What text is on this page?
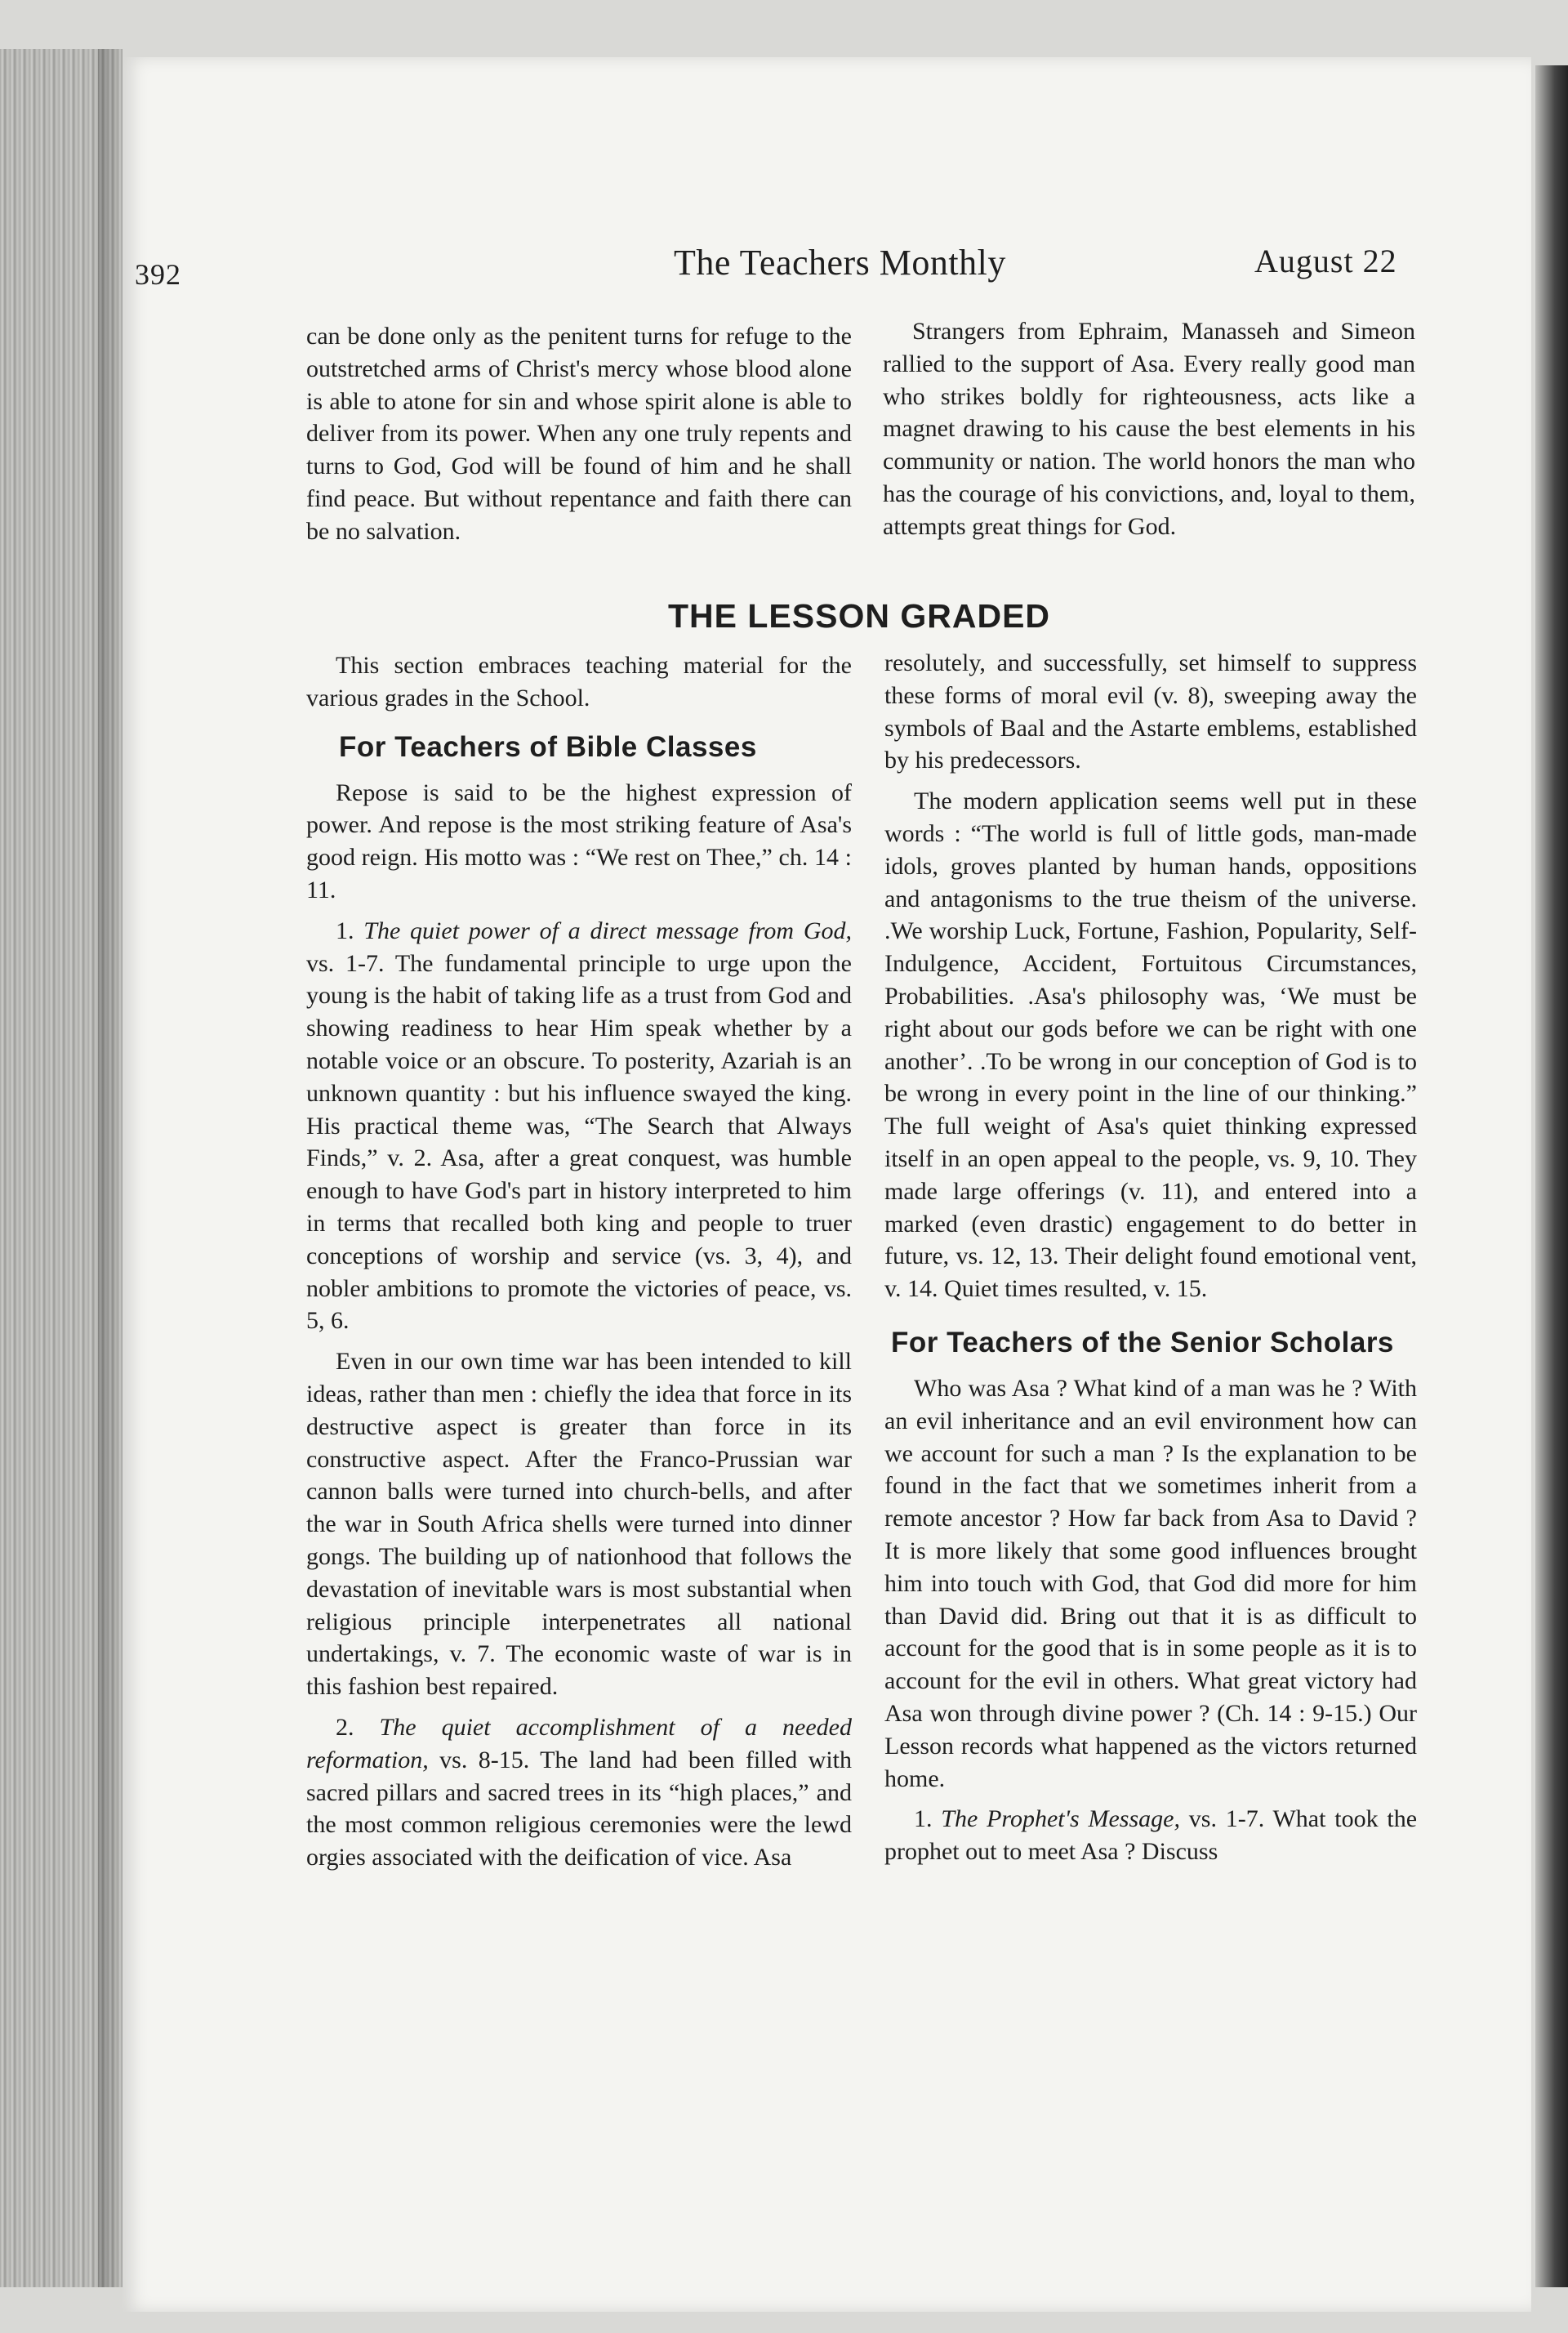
392	The Teachers Monthly	August 22

can be done only as the penitent turns for refuge to the outstretched arms of Christ's mercy whose blood alone is able to atone for sin and whose spirit alone is able to deliver from its power. When any one truly repents and turns to God, God will be found of him and he shall find peace. But without repentance and faith there can be no salvation.

Strangers from Ephraim, Manasseh and Simeon rallied to the support of Asa. Every really good man who strikes boldly for righteousness, acts like a magnet drawing to his cause the best elements in his community or nation. The world honors the man who has the courage of his convictions, and, loyal to them, attempts great things for God.

THE LESSON GRADED

This section embraces teaching material for the various grades in the School.

For Teachers of Bible Classes

Repose is said to be the highest expression of power. And repose is the most striking feature of Asa's good reign. His motto was : “We rest on Thee,” ch. 14 : 11.

1. The quiet power of a direct message from God, vs. 1-7. The fundamental principle to urge upon the young is the habit of taking life as a trust from God and showing readiness to hear Him speak whether by a notable voice or an obscure. To posterity, Azariah is an unknown quantity : but his influence swayed the king. His practical theme was, “The Search that Always Finds,” v. 2. Asa, after a great conquest, was humble enough to have God's part in history interpreted to him in terms that recalled both king and people to truer conceptions of worship and service (vs. 3, 4), and nobler ambitions to promote the victories of peace, vs. 5, 6.

Even in our own time war has been intended to kill ideas, rather than men : chiefly the idea that force in its destructive aspect is greater than force in its constructive aspect. After the Franco-Prussian war cannon balls were turned into church-bells, and after the war in South Africa shells were turned into dinner gongs. The building up of nationhood that follows the devastation of inevitable wars is most substantial when religious principle interpenetrates all national undertakings, v. 7. The economic waste of war is in this fashion best repaired.

2. The quiet accomplishment of a needed reformation, vs. 8-15. The land had been filled with sacred pillars and sacred trees in its “high places,” and the most common religious ceremonies were the lewd orgies associated with the deification of vice. Asa

resolutely, and successfully, set himself to suppress these forms of moral evil (v. 8), sweeping away the symbols of Baal and the Astarte emblems, established by his predecessors.

The modern application seems well put in these words : “The world is full of little gods, man-made idols, groves planted by human hands, oppositions and antagonisms to the true theism of the universe. .We worship Luck, Fortune, Fashion, Popularity, Self-Indulgence, Accident, Fortuitous Circumstances, Probabilities. .Asa's philosophy was, ‘We must be right about our gods before we can be right with one another’. .To be wrong in our conception of God is to be wrong in every point in the line of our thinking.” The full weight of Asa's quiet thinking expressed itself in an open appeal to the people, vs. 9, 10. They made large offerings (v. 11), and entered into a marked (even drastic) engagement to do better in future, vs. 12, 13. Their delight found emotional vent, v. 14. Quiet times resulted, v. 15.

For Teachers of the Senior Scholars

Who was Asa ? What kind of a man was he ? With an evil inheritance and an evil environment how can we account for such a man ? Is the explanation to be found in the fact that we sometimes inherit from a remote ancestor ? How far back from Asa to David ? It is more likely that some good influences brought him into touch with God, that God did more for him than David did. Bring out that it is as difficult to account for the good that is in some people as it is to account for the evil in others. What great victory had Asa won through divine power ? (Ch. 14 : 9-15.) Our Lesson records what happened as the victors returned home.

1. The Prophet's Message, vs. 1-7. What took the prophet out to meet Asa ? Discuss
